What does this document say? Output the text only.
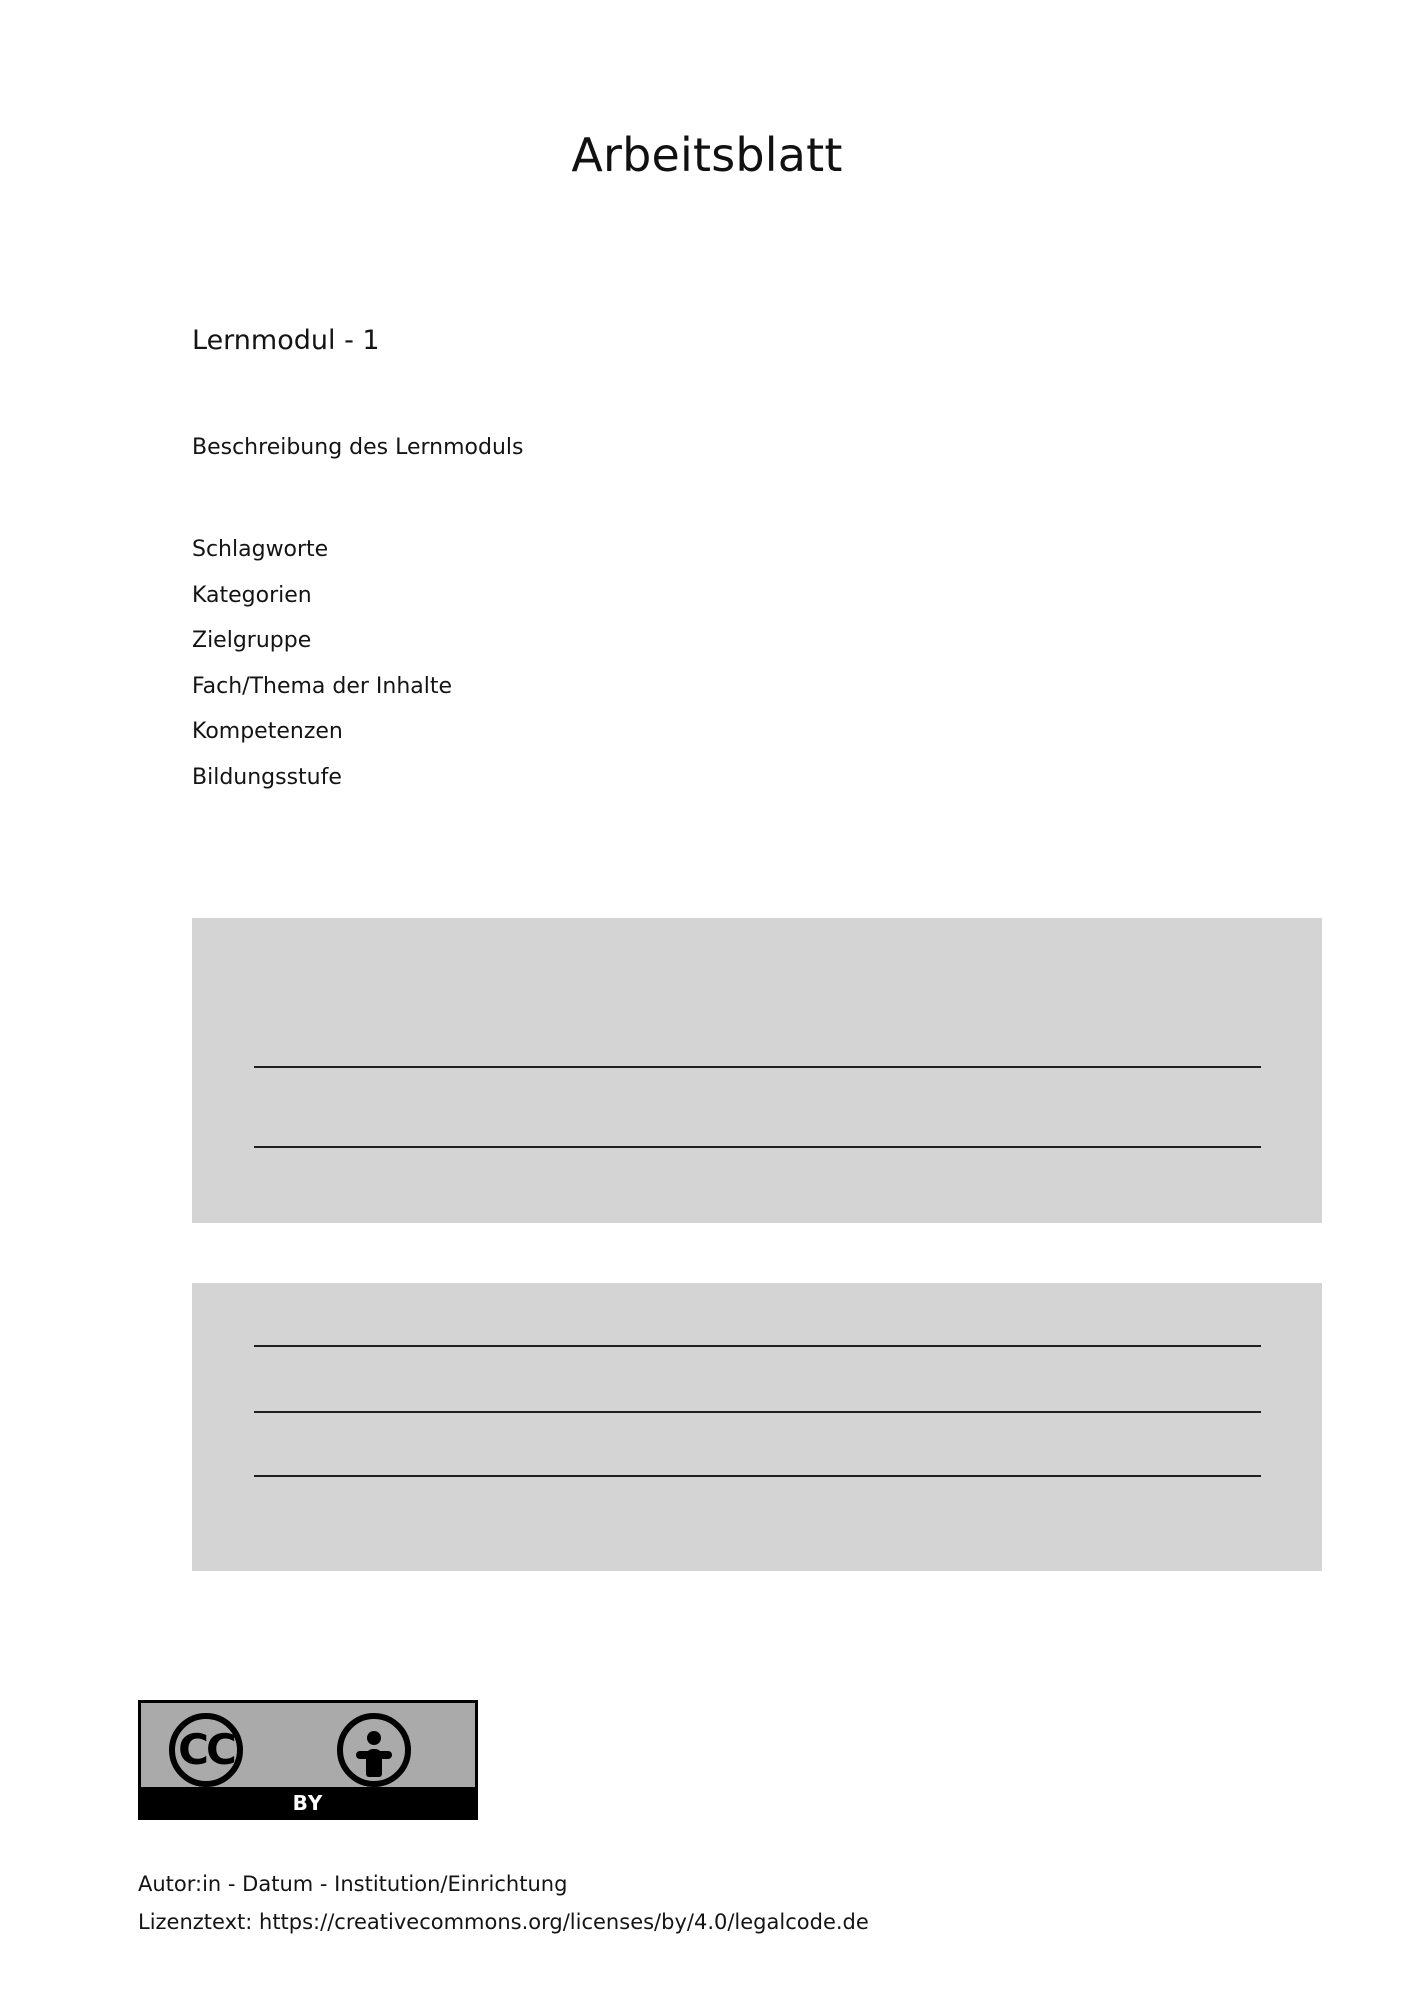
Arbeitsblatt
Lernmodul - 1
Beschreibung des Lernmoduls
Schlagworte
Kategorien
Zielgruppe
Fach/Thema der Inhalte
Kompetenzen
Bildungsstufe
CC
BY
Autor:in - Datum - Institution/Einrichtung
Lizenztext: https://creativecommons.org/licenses/by/4.0/legalcode.de
